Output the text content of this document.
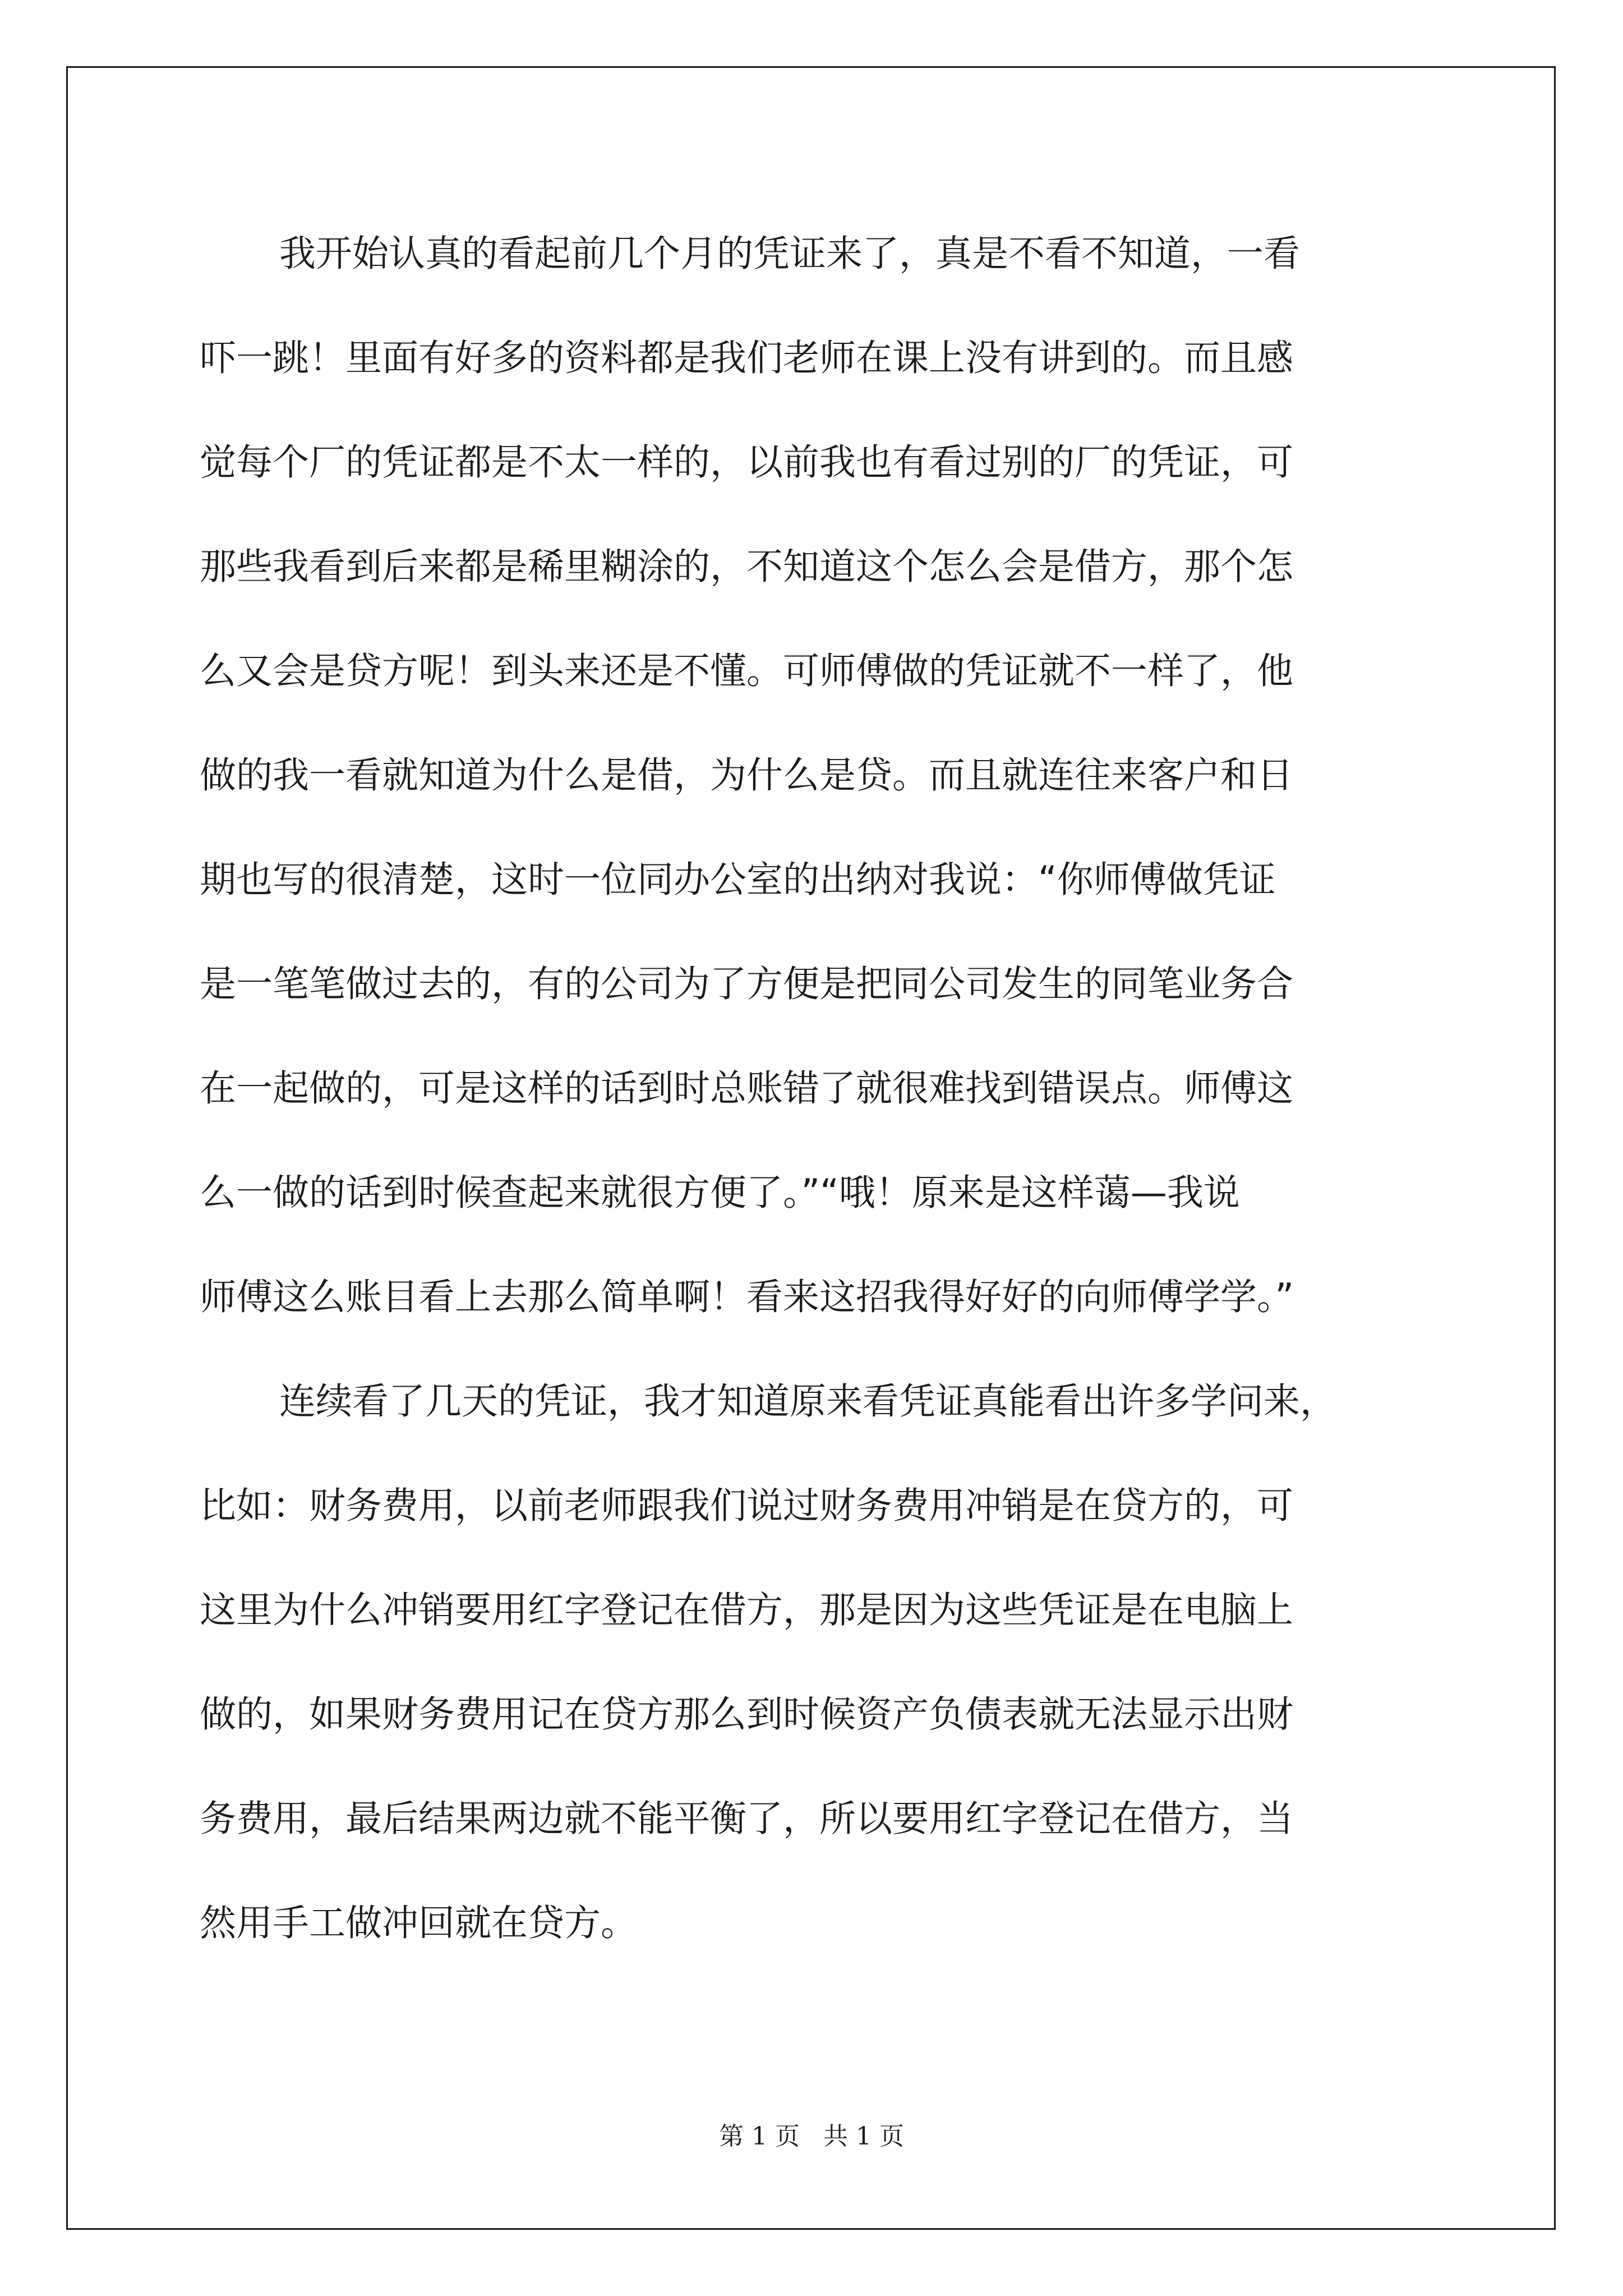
我开始认真的看起前几个月的凭证来了，真是不看不知道，一看
吓一跳！里面有好多的资料都是我们老师在课上没有讲到的。而且感
觉每个厂的凭证都是不太一样的，以前我也有看过别的厂的凭证，可
那些我看到后来都是稀里糊涂的，不知道这个怎么会是借方，那个怎
么又会是贷方呢！到头来还是不懂。可师傅做的凭证就不一样了，他
做的我一看就知道为什么是借，为什么是贷。而且就连往来客户和日
期也写的很清楚，这时一位同办公室的出纳对我说：“你师傅做凭证
是一笔笔做过去的，有的公司为了方便是把同公司发生的同笔业务合
在一起做的，可是这样的话到时总账错了就很难找到错误点。师傅这
么一做的话到时候查起来就很方便了。”“哦！原来是这样蔼—我说
师傅这么账目看上去那么简单啊！看来这招我得好好的向师傅学学。”

连续看了几天的凭证，我才知道原来看凭证真能看出许多学问来，
比如：财务费用，以前老师跟我们说过财务费用冲销是在贷方的，可
这里为什么冲销要用红字登记在借方，那是因为这些凭证是在电脑上
做的，如果财务费用记在贷方那么到时候资产负债表就无法显示出财
务费用，最后结果两边就不能平衡了，所以要用红字登记在借方，当
然用手工做冲回就在贷方。

第 1 页   共 1 页
